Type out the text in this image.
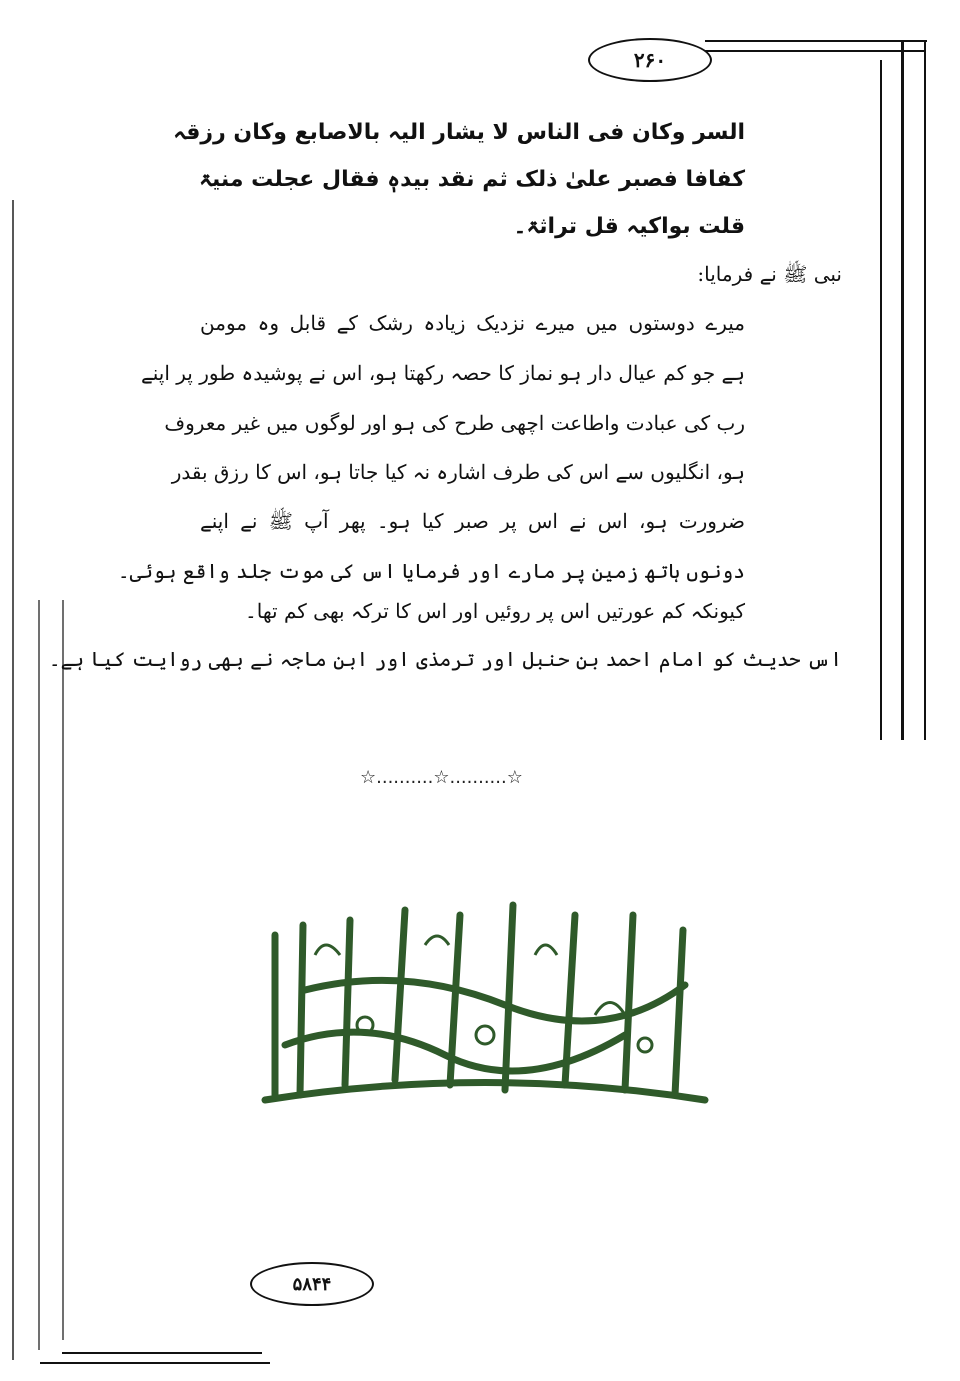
۲۶۰
السر وکان فی الناس لا یشار الیہ بالاصابع وکان رزقہ
کفافا فصبر علیٰ ذلک ثم نقد بیدہٖ فقال عجلت منیۃ
قلت بواکیہ قل تراثۃ۔
نبی ﷺ نے فرمایا:
میرے دوستوں میں میرے نزدیک زیادہ رشک کے قابل وہ مومن
ہے جو کم عیال دار ہو نماز کا حصہ رکھتا ہو، اس نے پوشیدہ طور پر اپنے
رب کی عبادت واطاعت اچھی طرح کی ہو اور لوگوں میں غیر معروف
ہو، انگلیوں سے اس کی طرف اشارہ نہ کیا جاتا ہو، اس کا رزق بقدر
ضرورت ہو، اس نے اس پر صبر کیا ہو۔ پھر آپ ﷺ نے اپنے
دونوں ہاتھ زمین پر مارے اور فرمایا اس کی موت جلد واقع ہوئی۔
کیونکہ کم عورتیں اس پر روئیں اور اس کا ترکہ بھی کم تھا۔
اس حدیث کو امام احمد بن حنبل اور ترمذی اور ابن ماجہ نے بھی روایت کیا ہے۔
☆..........☆..........☆
۵۸۴۴
